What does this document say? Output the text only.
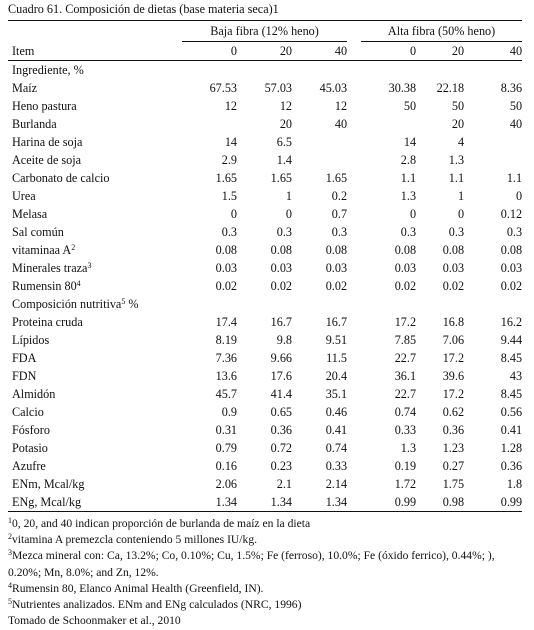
Cuadro 61. Composición de dietas (base materia seca)1

	Baja fibra (12% heno)				Alta fibra (50% heno)		

Item	0	20	40		0	20	40
Ingrediente, %							
Maíz	67.53	57.03	45.03		30.38	22.18	8.36
Heno pastura	12	12	12		50	50	50
Burlanda		20	40			20	40
Harina de soja	14	6.5			14	4	
Aceite de soja	2.9	1.4			2.8	1.3	
Carbonato de calcio	1.65	1.65	1.65		1.1	1.1	1.1
Urea	1.5	1	0.2		1.3	1	0
Melasa	0	0	0.7		0	0	0.12
Sal común	0.3	0.3	0.3		0.3	0.3	0.3
vitaminaa $A^2$	0.08	0.08	0.08		0.08	0.08	0.08
Minerales traza$^3$	0.03	0.03	0.03		0.03	0.03	0.03
Rumensin $80^4$	0.02	0.02	0.02		0.02	0.02	0.02
Composición nutritiva$^5$ %							
Proteina cruda	17.4	16.7	16.7		17.2	16.8	16.2
Lípidos	8.19	9.8	9.51		7.85	7.06	9.44
FDA	7.36	9.66	11.5		22.7	17.2	8.45
FDN	13.6	17.6	20.4		36.1	39.6	43
Almidón	45.7	41.4	35.1		22.7	17.2	8.45
Calcio	0.9	0.65	0.46		0.74	0.62	0.56
Fósforo	0.31	0.36	0.41		0.33	0.36	0.41
Potasio	0.79	0.72	0.74		1.3	1.23	1.28
Azufre	0.16	0.23	0.33		0.19	0.27	0.36
ENm, Mcal/kg	2.06	2.1	2.14		1.72	1.75	1.8
ENg, Mcal/kg	1.34	1.34	1.34		0.99	0.98	0.99
$^1$0, 20, and 40 indican proporción de burlanda de maíz en la dieta
$^2$vitamina A premezcla conteniendo 5 millones IU/kg.
$^3$Mezca mineral con: Ca, 13.2%; Co, 0.10%; Cu, 1.5%; Fe (ferroso), 10.0%; Fe (óxido ferrico), 0.44%; ), 0.20%; Mn, 8.0%; and Zn, 12%.
$^4$Rumensin 80, Elanco Animal Health (Greenfield, IN).
$^5$Nutrientes analizados. ENm and ENg calculados (NRC, 1996)
Tomado de Schoonmaker et al., 2010
